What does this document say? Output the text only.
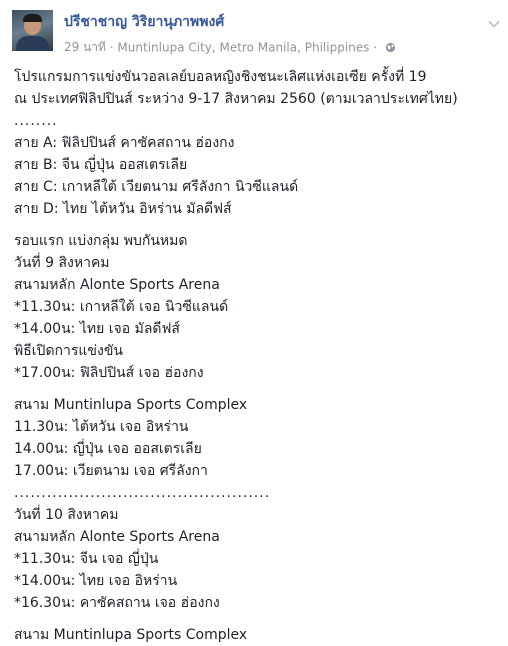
ปรีชาชาญ วิริยานุภาพพงศ์
29 นาที · Muntinlupa City, Metro Manila, Philippines ·

โปรแกรมการแข่งขันวอลเลย์บอลหญิงชิงชนะเลิศแห่งเอเซีย ครั้งที่ 19

ณ ประเทศฟิลิปปินส์ ระหว่าง 9-17 สิงหาคม 2560 (ตามเวลาประเทศไทย)

........

สาย A: ฟิลิปปินส์ คาซัคสถาน ฮ่องกง

สาย B: จีน ญี่ปุ่น ออสเตรเลีย

สาย C: เกาหลีใต้ เวียตนาม ศรีลังกา นิวซีแลนด์

สาย D: ไทย ไต้หวัน อิหร่าน มัลดีฟส์

รอบแรก แบ่งกลุ่ม พบกันหมด

วันที่ 9 สิงหาคม

สนามหลัก Alonte Sports Arena

*11.30น: เกาหลีใต้ เจอ นิวซีแลนด์

*14.00น: ไทย เจอ มัลดีฟส์

พิธีเปิดการแข่งขัน

*17.00น: ฟิลิปปินส์ เจอ ฮ่องกง

สนาม Muntinlupa Sports Complex

11.30น: ไต้หวัน เจอ อิหร่าน

14.00น: ญี่ปุ่น เจอ ออสเตรเลีย

17.00น: เวียตนาม เจอ ศรีลังกา

...............................................

วันที่ 10 สิงหาคม

สนามหลัก Alonte Sports Arena

*11.30น: จีน เจอ ญี่ปุ่น

*14.00น: ไทย เจอ อิหร่าน

*16.30น: คาซัคสถาน เจอ ฮ่องกง

สนาม Muntinlupa Sports Complex
